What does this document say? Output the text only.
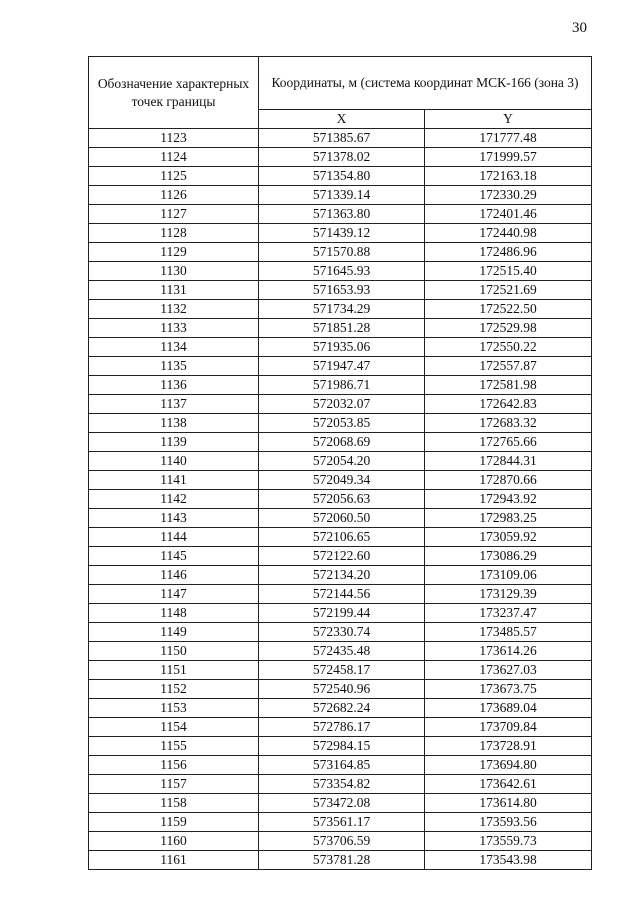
30
Обозначение характерных точек границы	Координаты, м (система координат МСК-166 (зона 3)	
	X	Y
1123	571385.67	171777.48
1124	571378.02	171999.57
1125	571354.80	172163.18
1126	571339.14	172330.29
1127	571363.80	172401.46
1128	571439.12	172440.98
1129	571570.88	172486.96
1130	571645.93	172515.40
1131	571653.93	172521.69
1132	571734.29	172522.50
1133	571851.28	172529.98
1134	571935.06	172550.22
1135	571947.47	172557.87
1136	571986.71	172581.98
1137	572032.07	172642.83
1138	572053.85	172683.32
1139	572068.69	172765.66
1140	572054.20	172844.31
1141	572049.34	172870.66
1142	572056.63	172943.92
1143	572060.50	172983.25
1144	572106.65	173059.92
1145	572122.60	173086.29
1146	572134.20	173109.06
1147	572144.56	173129.39
1148	572199.44	173237.47
1149	572330.74	173485.57
1150	572435.48	173614.26
1151	572458.17	173627.03
1152	572540.96	173673.75
1153	572682.24	173689.04
1154	572786.17	173709.84
1155	572984.15	173728.91
1156	573164.85	173694.80
1157	573354.82	173642.61
1158	573472.08	173614.80
1159	573561.17	173593.56
1160	573706.59	173559.73
1161	573781.28	173543.98
